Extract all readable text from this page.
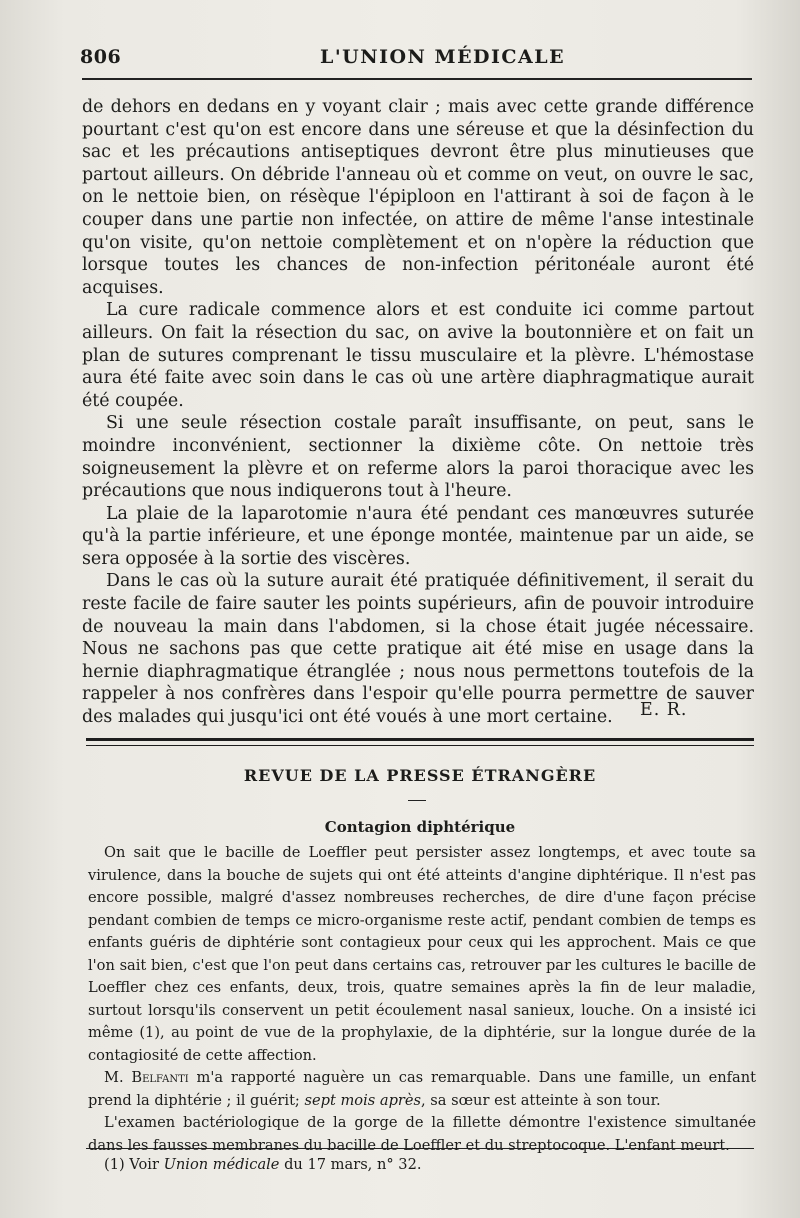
806	L'UNION MÉDICALE

de dehors en dedans en y voyant clair ; mais avec cette grande différence pourtant c'est qu'on est encore dans une séreuse et que la désinfection du sac et les précautions antiseptiques devront être plus minutieuses que partout ailleurs. On débride l'anneau où et comme on veut, on ouvre le sac, on le nettoie bien, on résèque l'épiploon en l'attirant à soi de façon à le couper dans une partie non infectée, on attire de même l'anse intestinale qu'on visite, qu'on nettoie complètement et on n'opère la réduction que lorsque toutes les chances de non-infection péritonéale auront été acquises.

La cure radicale commence alors et est conduite ici comme partout ailleurs. On fait la résection du sac, on avive la boutonnière et on fait un plan de sutures comprenant le tissu musculaire et la plèvre. L'hémostase aura été faite avec soin dans le cas où une artère diaphragmatique aurait été coupée.

Si une seule résection costale paraît insuffisante, on peut, sans le moindre inconvénient, sectionner la dixième côte. On nettoie très soigneusement la plèvre et on referme alors la paroi thoracique avec les précautions que nous indiquerons tout à l'heure.

La plaie de la laparotomie n'aura été pendant ces manœuvres suturée qu'à la partie inférieure, et une éponge montée, maintenue par un aide, se sera opposée à la sortie des viscères.

Dans le cas où la suture aurait été pratiquée définitivement, il serait du reste facile de faire sauter les points supérieurs, afin de pouvoir introduire de nouveau la main dans l'abdomen, si la chose était jugée nécessaire. Nous ne sachons pas que cette pratique ait été mise en usage dans la hernie diaphragmatique étranglée ; nous nous permettons toutefois de la rappeler à nos confrères dans l'espoir qu'elle pourra permettre de sauver des malades qui jusqu'ici ont été voués à une mort certaine.	E. R.
REVUE DE LA PRESSE ÉTRANGÈRE
Contagion diphtérique

On sait que le bacille de Loeffler peut persister assez longtemps, et avec toute sa virulence, dans la bouche de sujets qui ont été atteints d'angine diphtérique. Il n'est pas encore possible, malgré d'assez nombreuses recherches, de dire d'une façon précise pendant combien de temps ce micro-organisme reste actif, pendant combien de temps es enfants guéris de diphtérie sont contagieux pour ceux qui les approchent. Mais ce que l'on sait bien, c'est que l'on peut dans certains cas, retrouver par les cultures le bacille de Loeffler chez ces enfants, deux, trois, quatre semaines après la fin de leur maladie, surtout lorsqu'ils conservent un petit écoulement nasal sanieux, louche. On a insisté ici même (1), au point de vue de la prophylaxie, de la diphtérie, sur la longue durée de la contagiosité de cette affection.

M. Belfanti m'a rapporté naguère un cas remarquable. Dans une famille, un enfant prend la diphtérie ; il guérit; sept mois après, sa sœur est atteinte à son tour.

L'examen bactériologique de la gorge de la fillette démontre l'existence simultanée dans les fausses membranes du bacille de Loeffler et du streptocoque. L'enfant meurt.

(1) Voir Union médicale du 17 mars, n° 32.
